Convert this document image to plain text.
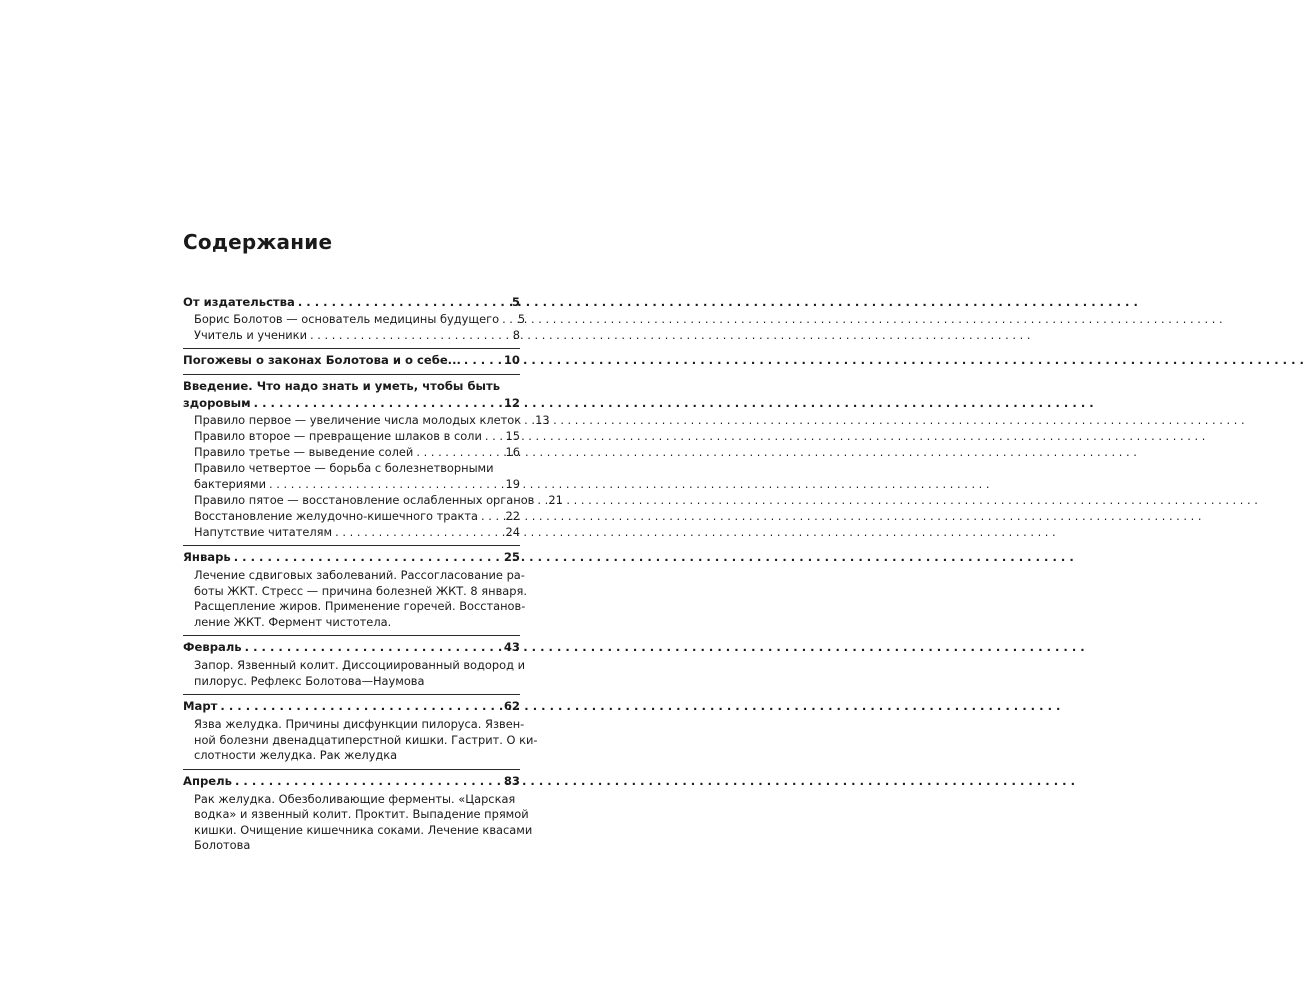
Содержание
От издательства . . .	5
Борис Болотов — основатель медицины будущего . . .	5
Учитель и ученики . . .	8
Погожевы о законах Болотова и о себе... . . .	10
Введение. Что надо знать и уметь, чтобы быть
здоровым . . .	12
Правило первое — увеличение числа молодых клеток . . . 13
Правило второе — превращение шлаков в соли . . . 15
Правило третье — выведение солей . . .	16
Правило четвертое — борьба с болезнетворными
бактериями . . .	19
Правило пятое — восстановление ослабленных органов . . . 21
Восстановление желудочно-кишечного тракта . . . 22
Напутствие читателям . . .	24
Январь . . .	25
Лечение сдвиговых заболеваний. Рассогласование ра-
боты ЖКТ. Стресс — причина болезней ЖКТ. 8 января.
Расщепление жиров. Применение горечей. Восстанов-
ление ЖКТ. Фермент чистотела.
Февраль . . .	43
Запор. Язвенный колит. Диссоциированный водород и
пилорус. Рефлекс Болотова—Наумова
Март . . .	62
Язва желудка. Причины дисфункции пилоруса. Язвен-
ной болезни двенадцатиперстной кишки. Гастрит. О ки-
слотности желудка. Рак желудка
Апрель . . .	83
Рак желудка. Обезболивающие ферменты. «Царская
водка» и язвенный колит. Проктит. Выпадение прямой
кишки. Очищение кишечника соками. Лечение квасами
Болотова
